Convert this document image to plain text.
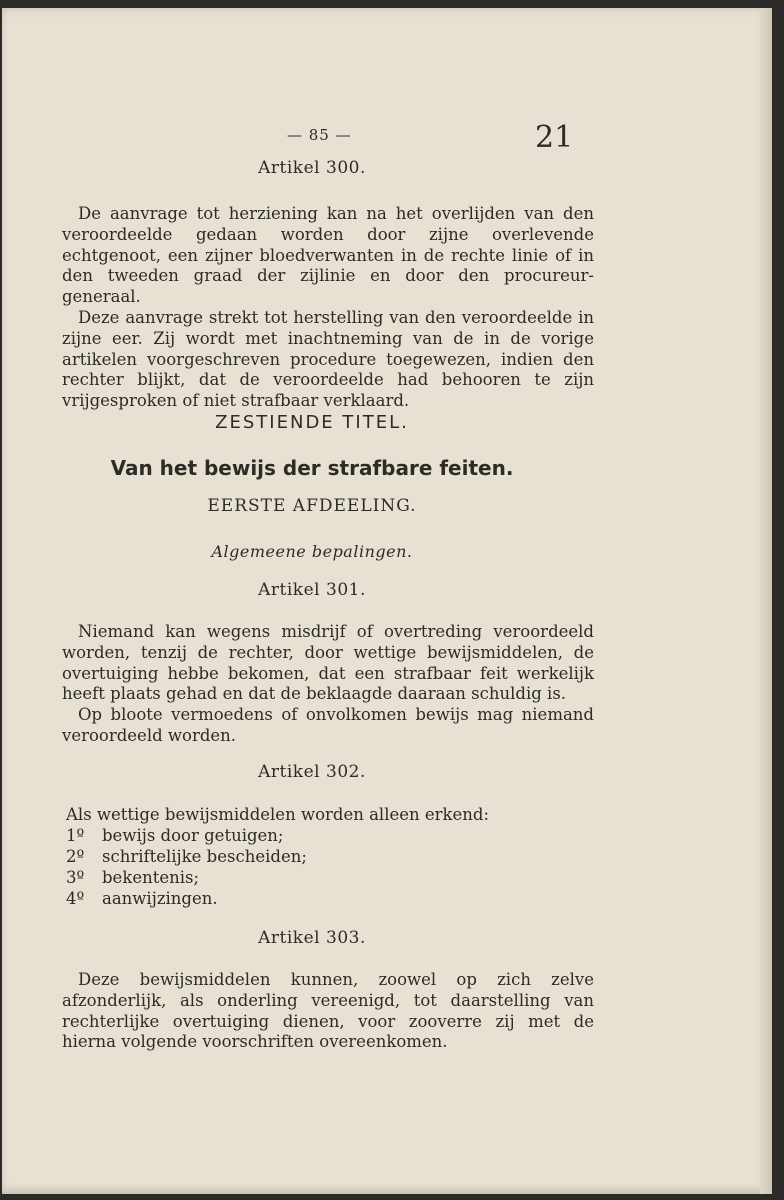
— 85 —	21
Artikel 300.

De aanvrage tot herziening kan na het overlijden van den veroordeelde gedaan worden door zijne overlevende echtgenoot, een zijner bloedverwanten in de rechte linie of in den tweeden graad der zijlinie en door den procureur-generaal.

Deze aanvrage strekt tot herstelling van den veroordeelde in zijne eer. Zij wordt met inachtneming van de in de vorige artikelen voorgeschreven procedure toegewezen, indien den rechter blijkt, dat de veroordeelde had behooren te zijn vrijgesproken of niet strafbaar verklaard.

ZESTIENDE TITEL.
Van het bewijs der strafbare feiten.
EERSTE AFDEELING.
Algemeene bepalingen.
Artikel 301.

Niemand kan wegens misdrijf of overtreding veroordeeld worden, tenzij de rechter, door wettige bewijsmiddelen, de overtuiging hebbe bekomen, dat een strafbaar feit werkelijk heeft plaats gehad en dat de beklaagde daaraan schuldig is.

Op bloote vermoedens of onvolkomen bewijs mag niemand veroordeeld worden.

Artikel 302.

Als wettige bewijsmiddelen worden alleen erkend:

1º bewijs door getuigen;

2º schriftelijke bescheiden;

3º bekentenis;

4º aanwijzingen.

Artikel 303.

Deze bewijsmiddelen kunnen, zoowel op zich zelve afzonderlijk, als onderling vereenigd, tot daarstelling van rechterlijke overtuiging dienen, voor zooverre zij met de hierna volgende voorschriften overeenkomen.
